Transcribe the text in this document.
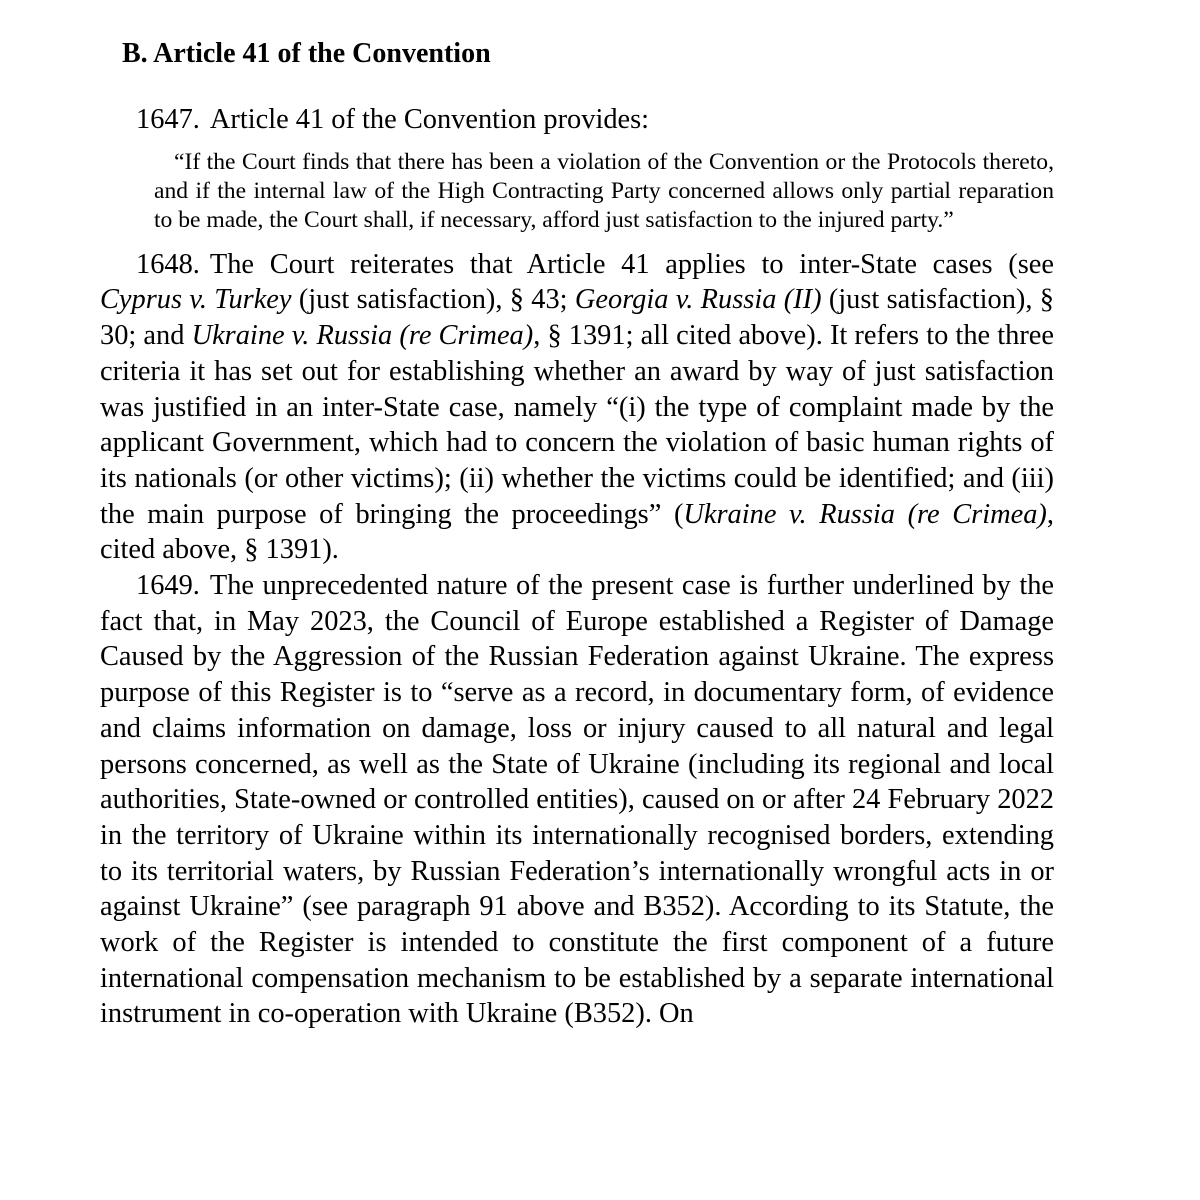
B. Article 41 of the Convention

1647. Article 41 of the Convention provides:

“If the Court finds that there has been a violation of the Convention or the Protocols thereto, and if the internal law of the High Contracting Party concerned allows only partial reparation to be made, the Court shall, if necessary, afford just satisfaction to the injured party.”

1648. The Court reiterates that Article 41 applies to inter-State cases (see Cyprus v. Turkey (just satisfaction), § 43; Georgia v. Russia (II) (just satisfaction), § 30; and Ukraine v. Russia (re Crimea), § 1391; all cited above). It refers to the three criteria it has set out for establishing whether an award by way of just satisfaction was justified in an inter-State case, namely “(i) the type of complaint made by the applicant Government, which had to concern the violation of basic human rights of its nationals (or other victims); (ii) whether the victims could be identified; and (iii) the main purpose of bringing the proceedings” (Ukraine v. Russia (re Crimea), cited above, § 1391).

1649. The unprecedented nature of the present case is further underlined by the fact that, in May 2023, the Council of Europe established a Register of Damage Caused by the Aggression of the Russian Federation against Ukraine. The express purpose of this Register is to “serve as a record, in documentary form, of evidence and claims information on damage, loss or injury caused to all natural and legal persons concerned, as well as the State of Ukraine (including its regional and local authorities, State-owned or controlled entities), caused on or after 24 February 2022 in the territory of Ukraine within its internationally recognised borders, extending to its territorial waters, by Russian Federation’s internationally wrongful acts in or against Ukraine” (see paragraph 91 above and B352). According to its Statute, the work of the Register is intended to constitute the first component of a future international compensation mechanism to be established by a separate international instrument in co-operation with Ukraine (B352). On
